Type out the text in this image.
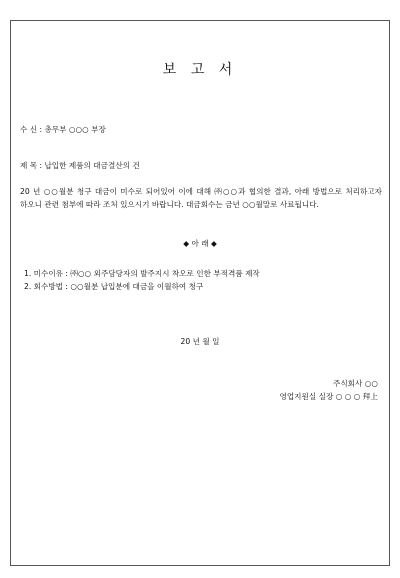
보 고 서
수 신 : 총무부 ○○○ 부장
제 목 : 납입한 제품의 대금결산의 건
20 년 ○○월분 청구 대금이 미수로 되어있어 이에 대해 ㈜○○과 협의한 결과, 아래 방법으로 처리하고자 하오니 관련 첨부에 따라 조처 있으시기 바랍니다. 대금회수는 금년 ○○월말로 사료됩니다.
◆ 아 래 ◆
1. 미수이유 : ㈜○○ 외주담당자의 발주지시 착오로 인한 부적격품 제작
2. 회수방법 : ○○월분 납입분에 대금을 이월하여 청구
20 년 월 일
주식회사 ○○
영업지원실 실장 ○ ○ ○ 拜上
